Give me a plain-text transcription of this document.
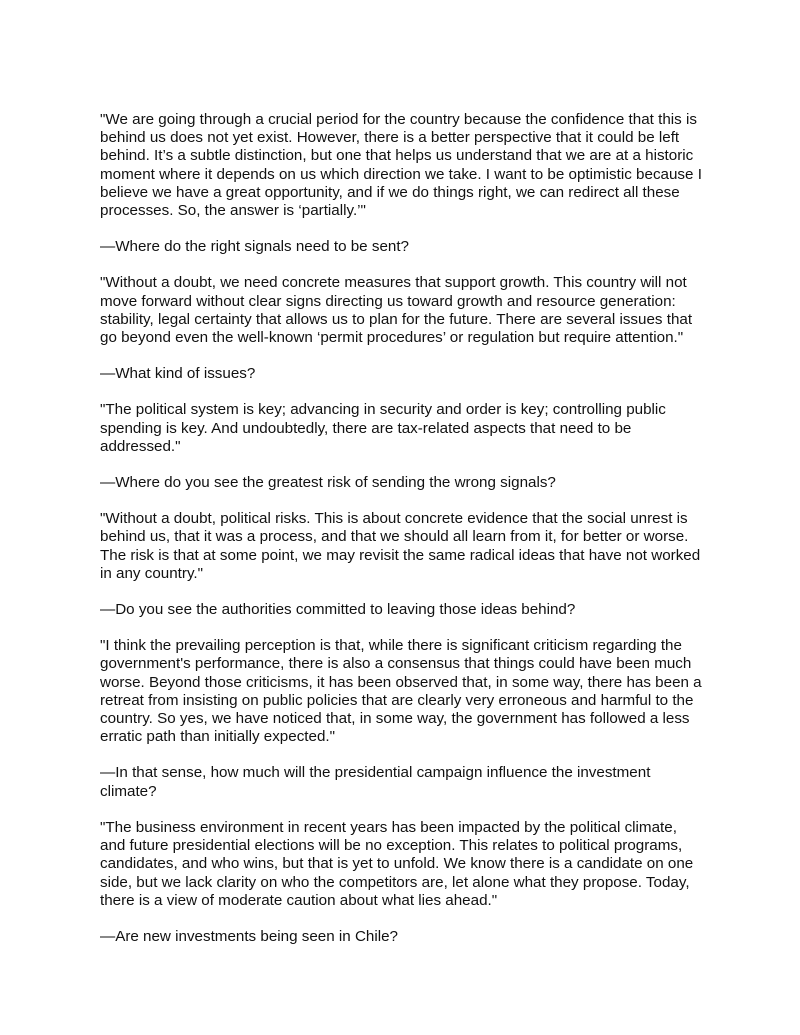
"We are going through a crucial period for the country because the confidence that this is behind us does not yet exist. However, there is a better perspective that it could be left behind. It’s a subtle distinction, but one that helps us understand that we are at a historic moment where it depends on us which direction we take. I want to be optimistic because I believe we have a great opportunity, and if we do things right, we can redirect all these processes. So, the answer is ‘partially.’"

—Where do the right signals need to be sent?

"Without a doubt, we need concrete measures that support growth. This country will not move forward without clear signs directing us toward growth and resource generation: stability, legal certainty that allows us to plan for the future. There are several issues that go beyond even the well-known ‘permit procedures’ or regulation but require attention."

—What kind of issues?

"The political system is key; advancing in security and order is key; controlling public spending is key. And undoubtedly, there are tax-related aspects that need to be addressed."

—Where do you see the greatest risk of sending the wrong signals?

"Without a doubt, political risks. This is about concrete evidence that the social unrest is behind us, that it was a process, and that we should all learn from it, for better or worse. The risk is that at some point, we may revisit the same radical ideas that have not worked in any country."

—Do you see the authorities committed to leaving those ideas behind?

"I think the prevailing perception is that, while there is significant criticism regarding the government's performance, there is also a consensus that things could have been much worse. Beyond those criticisms, it has been observed that, in some way, there has been a retreat from insisting on public policies that are clearly very erroneous and harmful to the country. So yes, we have noticed that, in some way, the government has followed a less erratic path than initially expected."

—In that sense, how much will the presidential campaign influence the investment climate?

"The business environment in recent years has been impacted by the political climate, and future presidential elections will be no exception. This relates to political programs, candidates, and who wins, but that is yet to unfold. We know there is a candidate on one side, but we lack clarity on who the competitors are, let alone what they propose. Today, there is a view of moderate caution about what lies ahead."

—Are new investments being seen in Chile?
